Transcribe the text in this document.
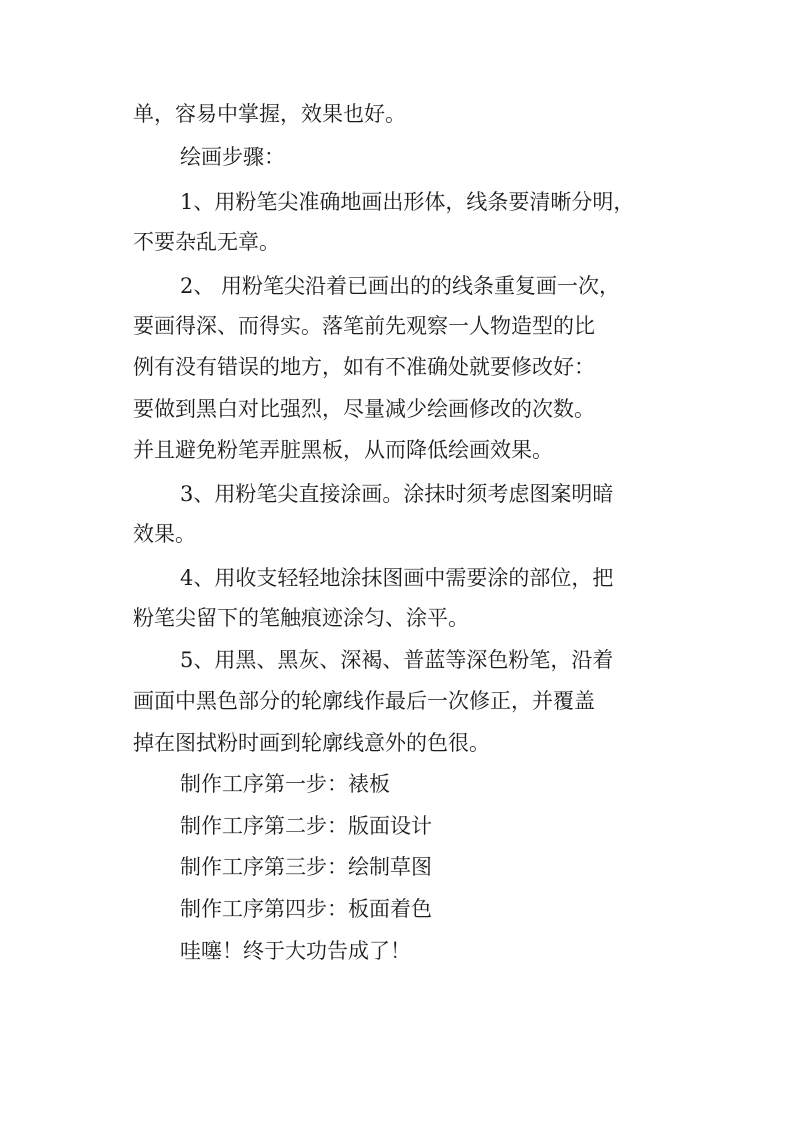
单，容易中掌握，效果也好。

绘画步骤：

1、用粉笔尖准确地画出形体，线条要清晰分明，

不要杂乱无章。

2、 用粉笔尖沿着已画出的的线条重复画一次，

要画得深、而得实。落笔前先观察一人物造型的比

例有没有错误的地方，如有不准确处就要修改好：

要做到黑白对比强烈，尽量减少绘画修改的次数。

并且避免粉笔弄脏黑板，从而降低绘画效果。

3、用粉笔尖直接涂画。涂抹时须考虑图案明暗

效果。

4、用收支轻轻地涂抹图画中需要涂的部位，把

粉笔尖留下的笔触痕迹涂匀、涂平。

5、用黑、黑灰、深褐、普蓝等深色粉笔，沿着

画面中黑色部分的轮廓线作最后一次修正，并覆盖

掉在图拭粉时画到轮廓线意外的色很。

制作工序第一步：裱板

制作工序第二步：版面设计

制作工序第三步：绘制草图

制作工序第四步：板面着色

哇噻！终于大功告成了！
